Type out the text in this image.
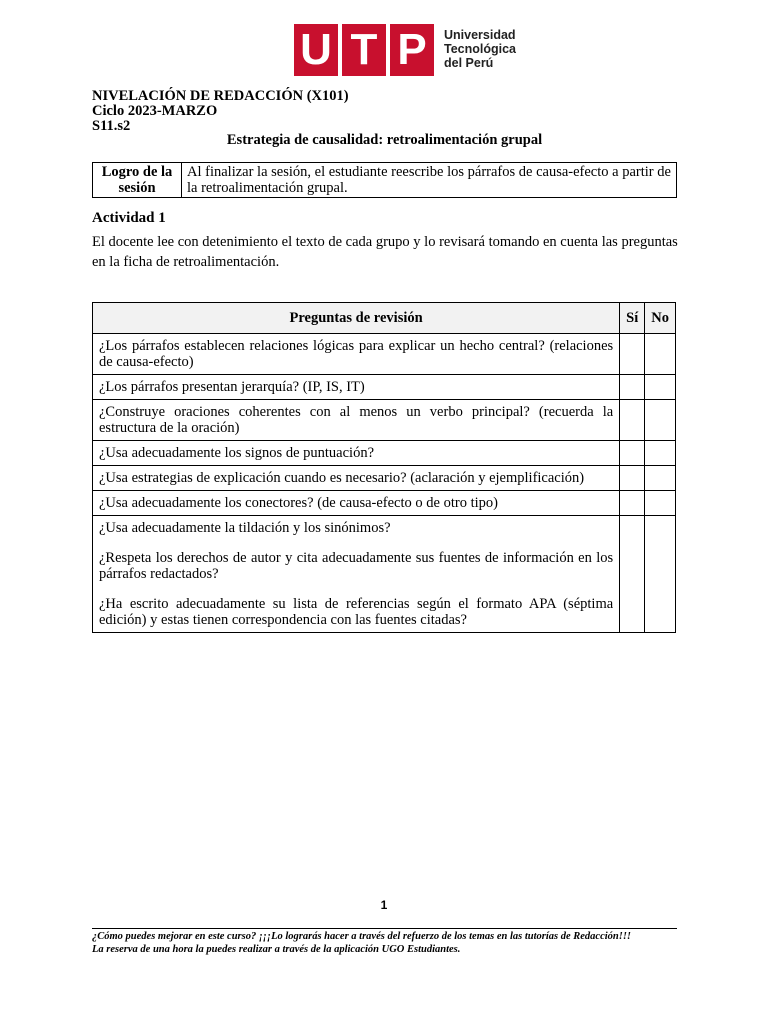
U T P	Universidad
Tecnológica
del Perú
NIVELACIÓN DE REDACCIÓN (X101)
Ciclo 2023-MARZO
S11.s2
Estrategia de causalidad: retroalimentación grupal
Logro de la sesión	Al finalizar la sesión, el estudiante reescribe los párrafos de causa-efecto a partir de la retroalimentación grupal.
Actividad 1
El docente lee con detenimiento el texto de cada grupo y lo revisará tomando en cuenta las preguntas en la ficha de retroalimentación.
Preguntas de revisión	Sí	No
¿Los párrafos establecen relaciones lógicas para explicar un hecho central? (relaciones de causa-efecto)		
¿Los párrafos presentan jerarquía? (IP, IS, IT)		
¿Construye oraciones coherentes con al menos un verbo principal? (recuerda la estructura de la oración)		
¿Usa adecuadamente los signos de puntuación?		
¿Usa estrategias de explicación cuando es necesario? (aclaración y ejemplificación)		
¿Usa adecuadamente los conectores? (de causa-efecto o de otro tipo)		

¿Usa adecuadamente la tildación y los sinónimos?
¿Respeta los derechos de autor y cita adecuadamente sus fuentes de información en los párrafos redactados?
¿Ha escrito adecuadamente su lista de referencias según el formato APA (séptima edición) y estas tienen correspondencia con las fuentes citadas?		

1
¿Cómo puedes mejorar en este curso? ¡¡¡Lo lograrás hacer a través del refuerzo de los temas en las tutorías de Redacción!!!
La reserva de una hora la puedes realizar a través de la aplicación UGO Estudiantes.
